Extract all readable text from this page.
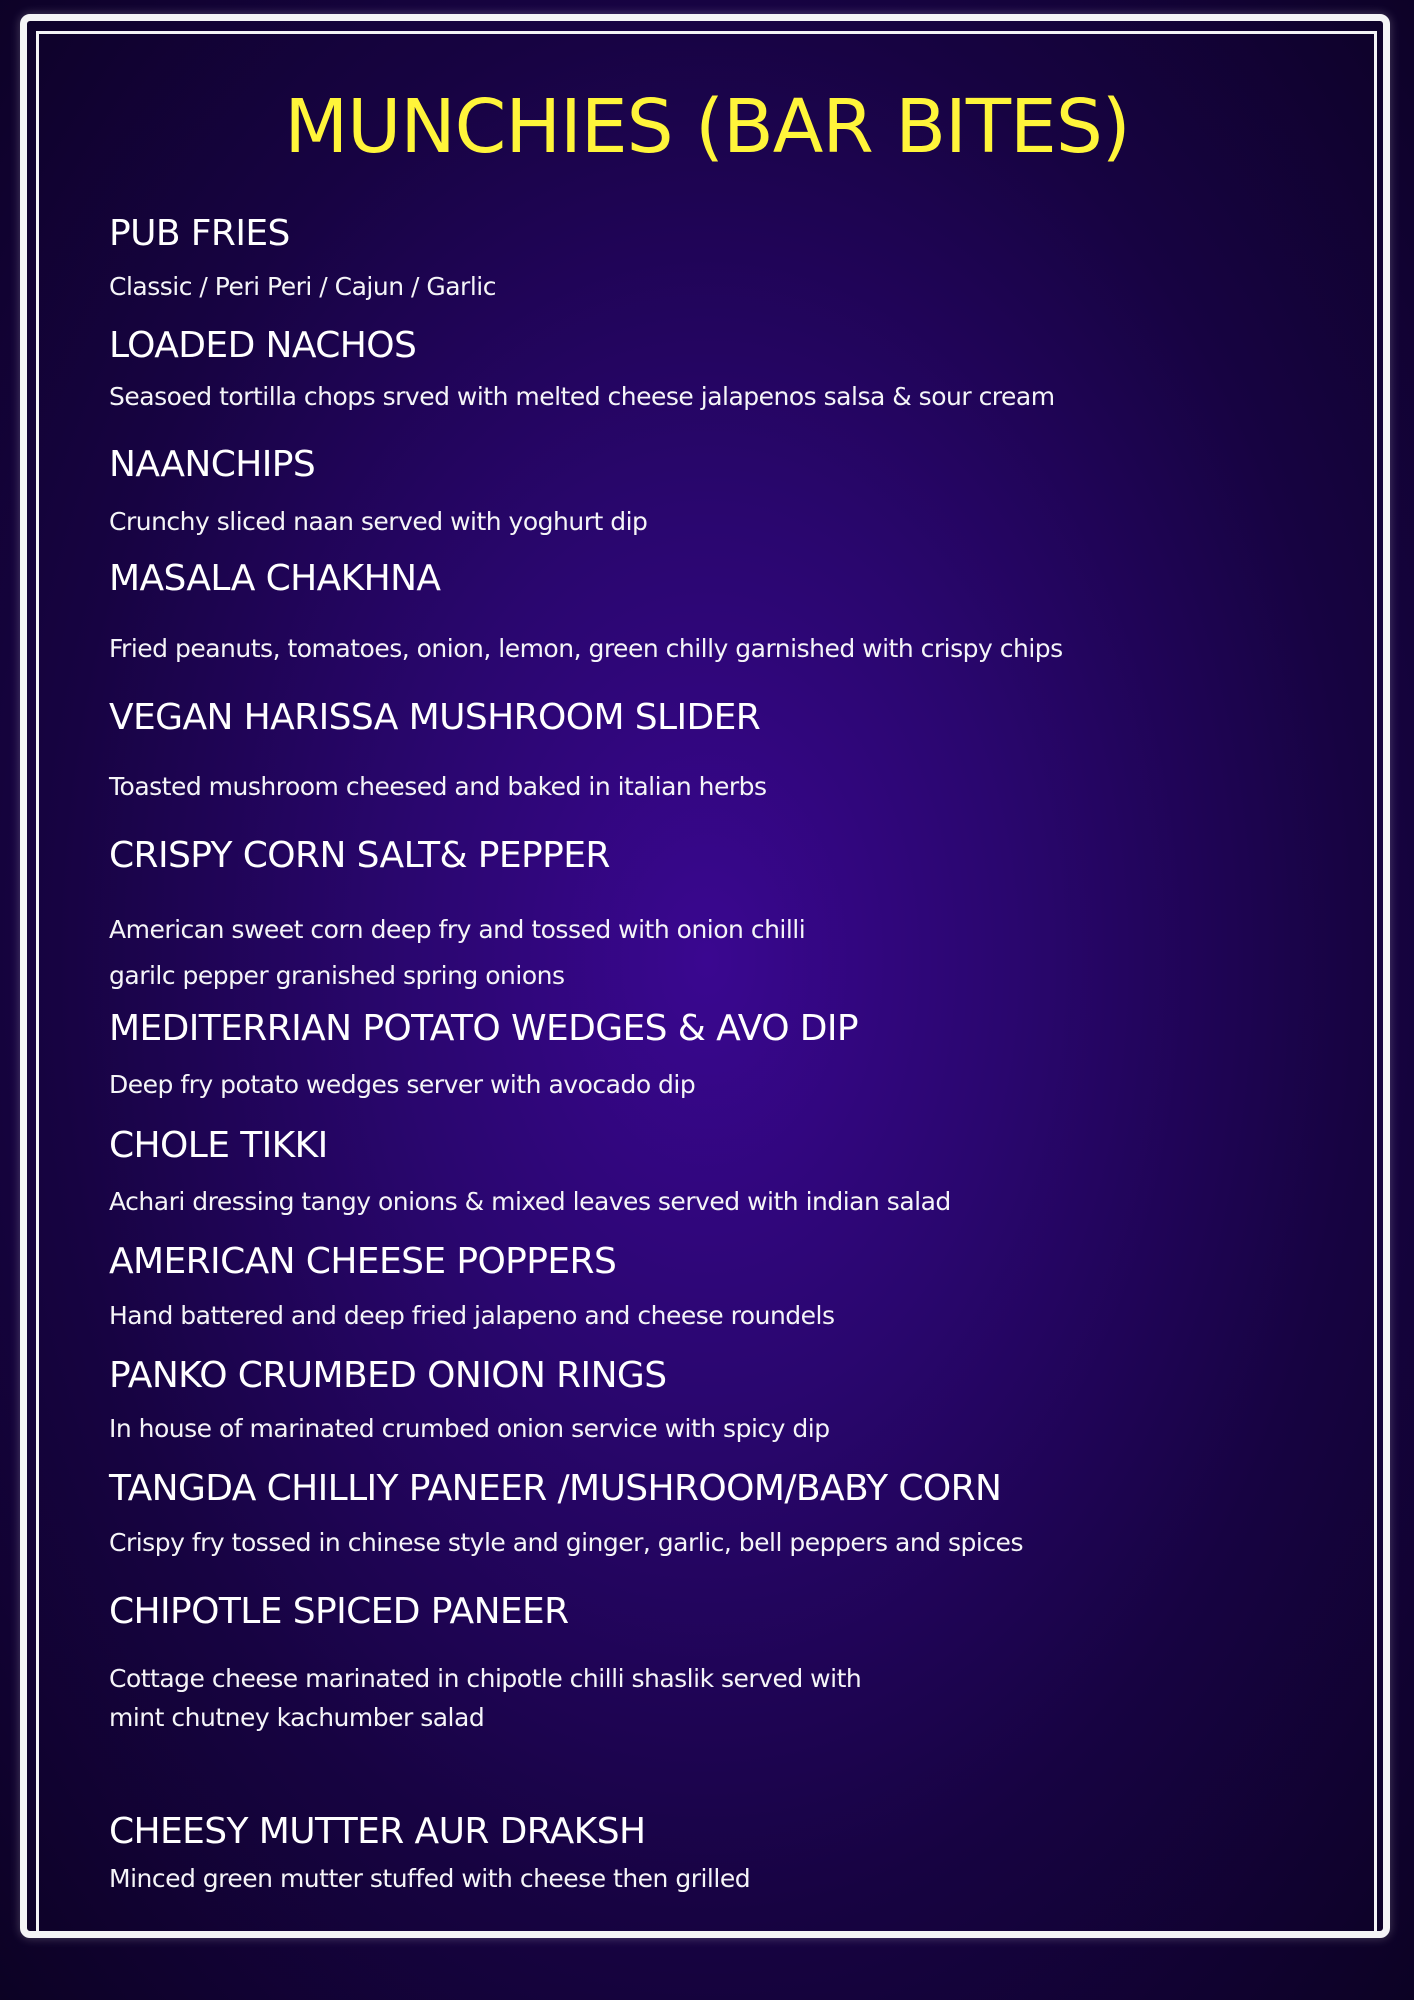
MUNCHIES (BAR BITES)
PUB FRIES

Classic / Peri Peri / Cajun / Garlic

LOADED NACHOS

Seasoed tortilla chops srved with melted cheese jalapenos salsa & sour cream

NAANCHIPS

Crunchy sliced naan served with yoghurt dip

MASALA CHAKHNA

Fried peanuts, tomatoes, onion, lemon, green chilly garnished with crispy chips

VEGAN HARISSA MUSHROOM SLIDER

Toasted mushroom cheesed and baked in italian herbs

CRISPY CORN SALT& PEPPER

American sweet corn deep fry and tossed with onion chilli

garilc pepper granished spring onions

MEDITERRIAN POTATO WEDGES & AVO DIP

Deep fry potato wedges server with avocado dip

CHOLE TIKKI

Achari dressing tangy onions & mixed leaves served with indian salad

AMERICAN CHEESE POPPERS

Hand battered and deep fried jalapeno and cheese roundels

PANKO CRUMBED ONION RINGS

In house of marinated crumbed onion service with spicy dip

TANGDA CHILLIY PANEER /MUSHROOM/BABY CORN

Crispy fry tossed in chinese style and ginger, garlic, bell peppers and spices

CHIPOTLE SPICED PANEER

Cottage cheese marinated in chipotle chilli shaslik served with

mint chutney kachumber salad

CHEESY MUTTER AUR DRAKSH

Minced green mutter stuffed with cheese then grilled
